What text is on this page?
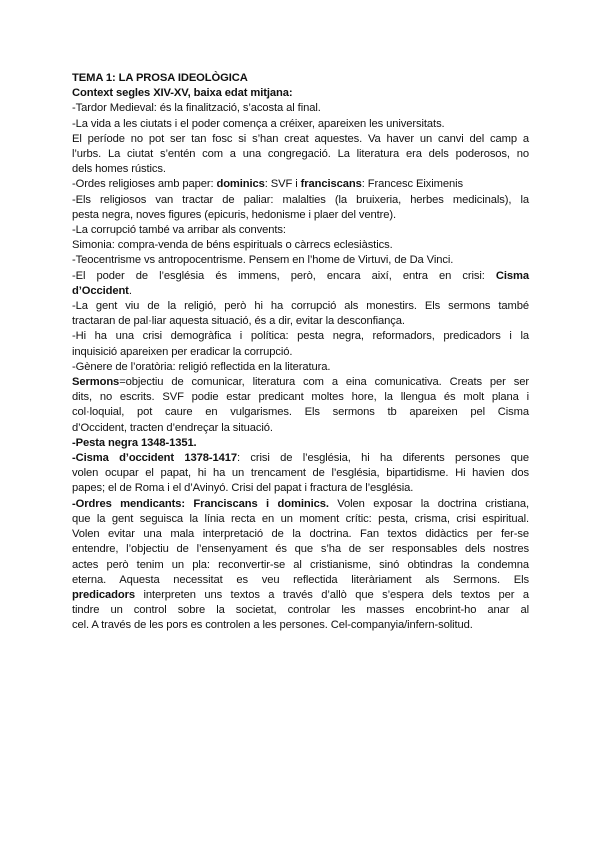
TEMA 1: LA PROSA IDEOLÒGICA
Context segles XIV-XV, baixa edat mitjana:
-Tardor Medieval: és la finalització, s’acosta al final.
-La vida a les ciutats i el poder comença a créixer, apareixen les universitats.
El període no pot ser tan fosc si s’han creat aquestes. Va haver un canvi del camp a
l’urbs. La ciutat s’entén com a una congregació. La literatura era dels poderosos, no
dels homes rústics.
-Ordes religioses amb paper: dominics: SVF i franciscans: Francesc Eiximenis
-Els religiosos van tractar de paliar: malalties (la bruixeria, herbes medicinals), la
pesta negra, noves figures (epicuris, hedonisme i plaer del ventre).
-La corrupció també va arribar als convents:
Simonia: compra-venda de béns espirituals o càrrecs eclesiàstics.
-Teocentrisme vs antropocentrisme. Pensem en l’home de Virtuvi, de Da Vinci.
-El poder de l’església és immens, però, encara així, entra en crisi: Cisma
d’Occident.
-La gent viu de la religió, però hi ha corrupció als monestirs. Els sermons també
tractaran de pal·liar aquesta situació, és a dir, evitar la desconfiança.
-Hi ha una crisi demogràfica i política: pesta negra, reformadors, predicadors i la
inquisició apareixen per eradicar la corrupció.
-Gènere de l’oratòria: religió reflectida en la literatura.
Sermons=objectiu de comunicar, literatura com a eina comunicativa. Creats per ser
dits, no escrits. SVF podie estar predicant moltes hore, la llengua és molt plana i
col·loquial, pot caure en vulgarismes. Els sermons tb apareixen pel Cisma
d’Occident, tracten d’endreçar la situació.
-Pesta negra 1348-1351.
-Cisma d’occident 1378-1417: crisi de l’església, hi ha diferents persones que
volen ocupar el papat, hi ha un trencament de l’església, bipartidisme. Hi havien dos
papes; el de Roma i el d’Avinyó. Crisi del papat i fractura de l’església.
-Ordres mendicants: Franciscans i dominics. Volen exposar la doctrina cristiana,
que la gent seguisca la línia recta en un moment crític: pesta, crisma, crisi espiritual.
Volen evitar una mala interpretació de la doctrina. Fan textos didàctics per fer-se
entendre, l’objectiu de l’ensenyament és que s’ha de ser responsables dels nostres
actes però tenim un pla: reconvertir-se al cristianisme, sinó obtindras la condemna
eterna. Aquesta necessitat es veu reflectida literàriament als Sermons. Els
predicadors interpreten uns textos a través d’allò que s’espera dels textos per a
tindre un control sobre la societat, controlar les masses encobrint-ho anar al
cel. A través de les pors es controlen a les persones. Cel-companyia/infern-solitud.
